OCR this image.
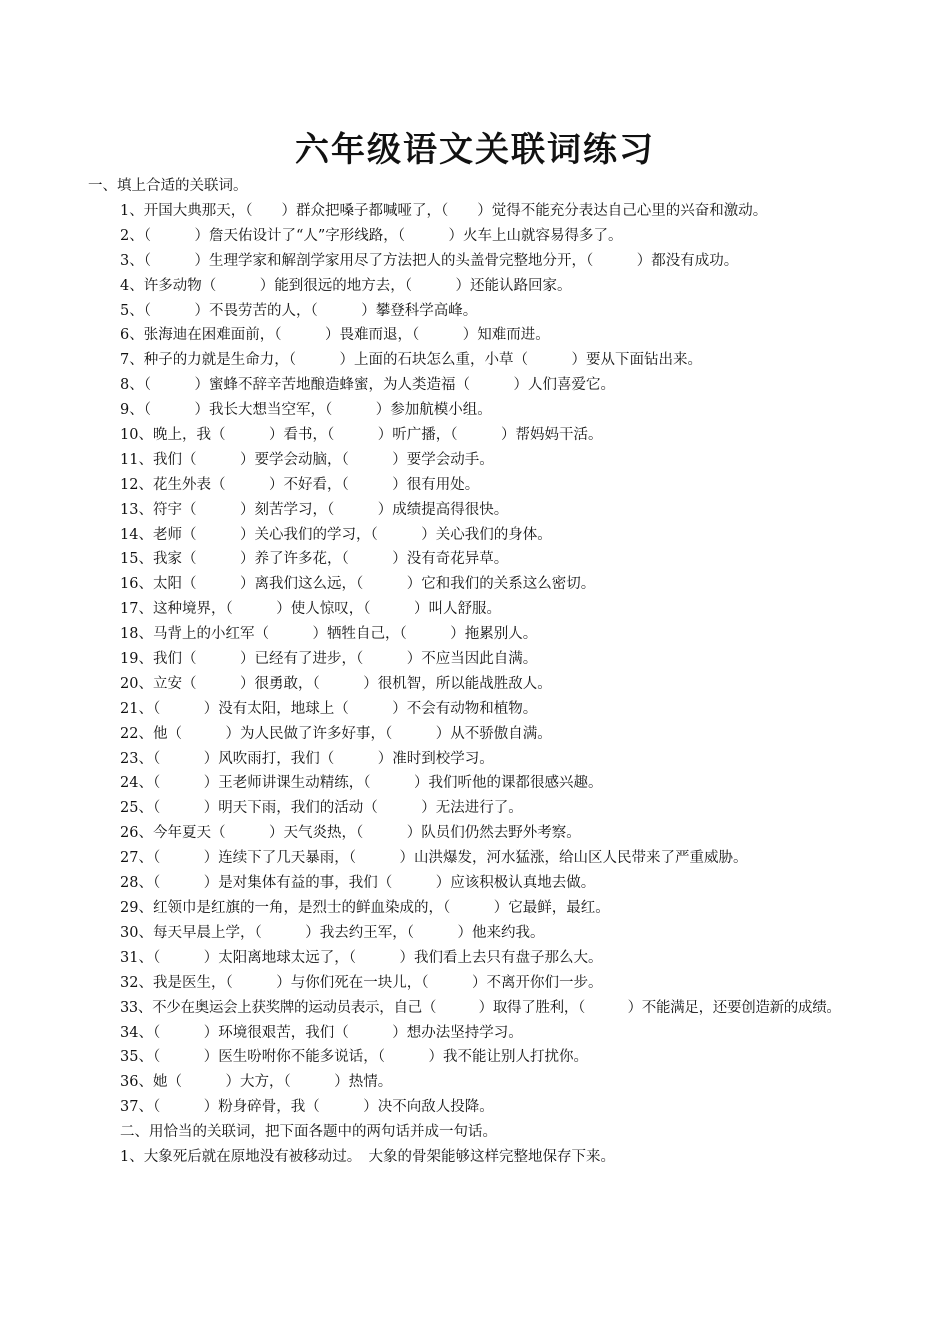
六年级语文关联词练习
一、填上合适的关联词。
1、开国大典那天，（　　）群众把嗓子都喊哑了，（　　）觉得不能充分表达自己心里的兴奋和激动。
2、（　　　）詹天佑设计了“人”字形线路，（　　　）火车上山就容易得多了。
3、（　　　）生理学家和解剖学家用尽了方法把人的头盖骨完整地分开，（　　　）都没有成功。
4、许多动物（　　　）能到很远的地方去，（　　　）还能认路回家。
5、（　　　）不畏劳苦的人，（　　　）攀登科学高峰。
6、张海迪在困难面前，（　　　）畏难而退，（　　　）知难而进。
7、种子的力就是生命力，（　　　）上面的石块怎么重，小草（　　　）要从下面钻出来。
8、（　　　）蜜蜂不辞辛苦地酿造蜂蜜，为人类造福（　　　）人们喜爱它。
9、（　　　）我长大想当空军，（　　　）参加航模小组。
10、晚上，我（　　　）看书，（　　　）听广播，（　　　）帮妈妈干活。
11、我们（　　　）要学会动脑，（　　　）要学会动手。
12、花生外表（　　　）不好看，（　　　）很有用处。
13、符宇（　　　）刻苦学习，（　　　）成绩提高得很快。
14、老师（　　　）关心我们的学习，（　　　）关心我们的身体。
15、我家（　　　）养了许多花，（　　　）没有奇花异草。
16、太阳（　　　）离我们这么远，（　　　）它和我们的关系这么密切。
17、这种境界，（　　　）使人惊叹，（　　　）叫人舒服。
18、马背上的小红军（　　　）牺牲自己，（　　　）拖累别人。
19、我们（　　　）已经有了进步，（　　　）不应当因此自满。
20、立安（　　　）很勇敢，（　　　）很机智，所以能战胜敌人。
21、（　　　）没有太阳，地球上（　　　）不会有动物和植物。
22、他（　　　）为人民做了许多好事，（　　　）从不骄傲自满。
23、（　　　）风吹雨打，我们（　　　）准时到校学习。
24、（　　　）王老师讲课生动精练，（　　　）我们听他的课都很感兴趣。
25、（　　　）明天下雨，我们的活动（　　　）无法进行了。
26、今年夏天（　　　）天气炎热，（　　　）队员们仍然去野外考察。
27、（　　　）连续下了几天暴雨，（　　　）山洪爆发，河水猛涨，给山区人民带来了严重威胁。
28、（　　　）是对集体有益的事，我们（　　　）应该积极认真地去做。
29、红领巾是红旗的一角，是烈士的鲜血染成的，（　　　）它最鲜，最红。
30、每天早晨上学，（　　　）我去约王军，（　　　）他来约我。
31、（　　　）太阳离地球太远了，（　　　）我们看上去只有盘子那么大。
32、我是医生，（　　　）与你们死在一块儿，（　　　）不离开你们一步。
33、不少在奥运会上获奖牌的运动员表示，自己（　　　）取得了胜利，（　　　）不能满足，还要创造新的成绩。
34、（　　　）环境很艰苦，我们（　　　）想办法坚持学习。
35、（　　　）医生吩咐你不能多说话，（　　　）我不能让别人打扰你。
36、她（　　　）大方，（　　　）热情。
37、（　　　）粉身碎骨，我（　　　）决不向敌人投降。
二、用恰当的关联词，把下面各题中的两句话并成一句话。
1、大象死后就在原地没有被移动过。　大象的骨架能够这样完整地保存下来。
